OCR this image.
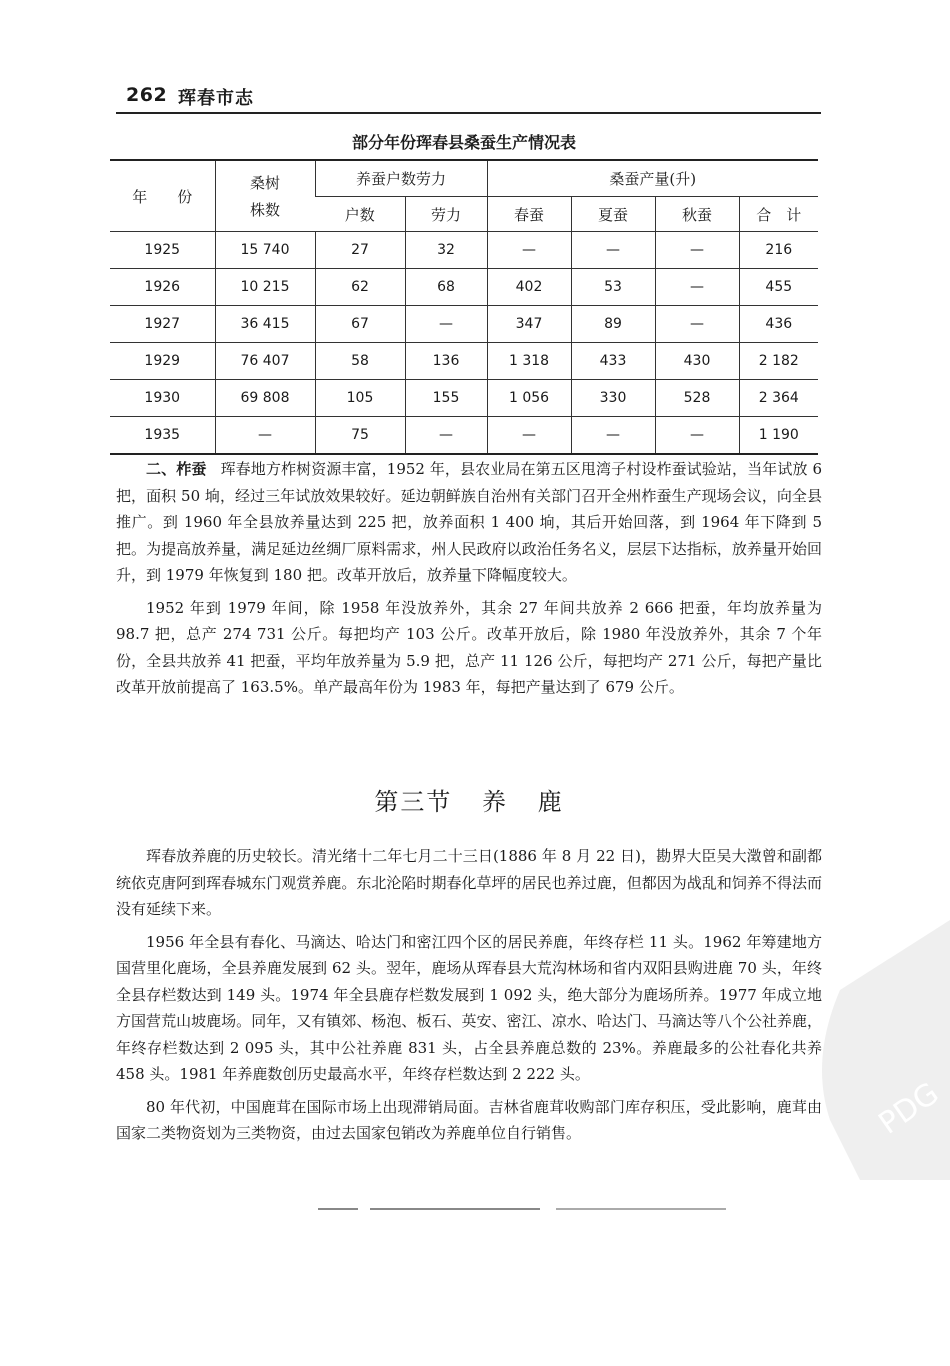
262 珲春市志
部分年份珲春县桑蚕生产情况表
年　　份	桑树
株数	养蚕户数劳力		桑蚕产量(升)			
		户数	劳力	春蚕	夏蚕	秋蚕	合　计
1925	15 740	27	32	—	—	—	216
1926	10 215	62	68	402	53	—	455
1927	36 415	67	—	347	89	—	436
1929	76 407	58	136	1 318	433	430	2 182
1930	69 808	105	155	1 056	330	528	2 364
1935	—	75	—	—	—	—	1 190

二、柞蚕 珲春地方柞树资源丰富，1952 年，县农业局在第五区甩湾子村设柞蚕试验站，当年试放 6 把，面积 50 垧，经过三年试放效果较好。延边朝鲜族自治州有关部门召开全州柞蚕生产现场会议，向全县推广。到 1960 年全县放养量达到 225 把，放养面积 1 400 垧，其后开始回落，到 1964 年下降到 5 把。为提高放养量，满足延边丝绸厂原料需求，州人民政府以政治任务名义，层层下达指标，放养量开始回升，到 1979 年恢复到 180 把。改革开放后，放养量下降幅度较大。

1952 年到 1979 年间，除 1958 年没放养外，其余 27 年间共放养 2 666 把蚕，年均放养量为 98.7 把，总产 274 731 公斤。每把均产 103 公斤。改革开放后，除 1980 年没放养外，其余 7 个年份，全县共放养 41 把蚕，平均年放养量为 5.9 把，总产 11 126 公斤，每把均产 271 公斤，每把产量比改革开放前提高了 163.5%。单产最高年份为 1983 年，每把产量达到了 679 公斤。

第三节 养 鹿

珲春放养鹿的历史较长。清光绪十二年七月二十三日(1886 年 8 月 22 日)，勘界大臣吴大澂曾和副都统依克唐阿到珲春城东门观赏养鹿。东北沦陷时期春化草坪的居民也养过鹿，但都因为战乱和饲养不得法而没有延续下来。

1956 年全县有春化、马滴达、哈达门和密江四个区的居民养鹿，年终存栏 11 头。1962 年筹建地方国营里化鹿场，全县养鹿发展到 62 头。翌年，鹿场从珲春县大荒沟林场和省内双阳县购进鹿 70 头，年终全县存栏数达到 149 头。1974 年全县鹿存栏数发展到 1 092 头，绝大部分为鹿场所养。1977 年成立地方国营荒山坡鹿场。同年，又有镇郊、杨泡、板石、英安、密江、凉水、哈达门、马滴达等八个公社养鹿，年终存栏数达到 2 095 头，其中公社养鹿 831 头，占全县养鹿总数的 23%。养鹿最多的公社春化共养 458 头。1981 年养鹿数创历史最高水平，年终存栏数达到 2 222 头。

80 年代初，中国鹿茸在国际市场上出现滞销局面。吉林省鹿茸收购部门库存积压，受此影响，鹿茸由国家二类物资划为三类物资，由过去国家包销改为养鹿单位自行销售。	PDG
